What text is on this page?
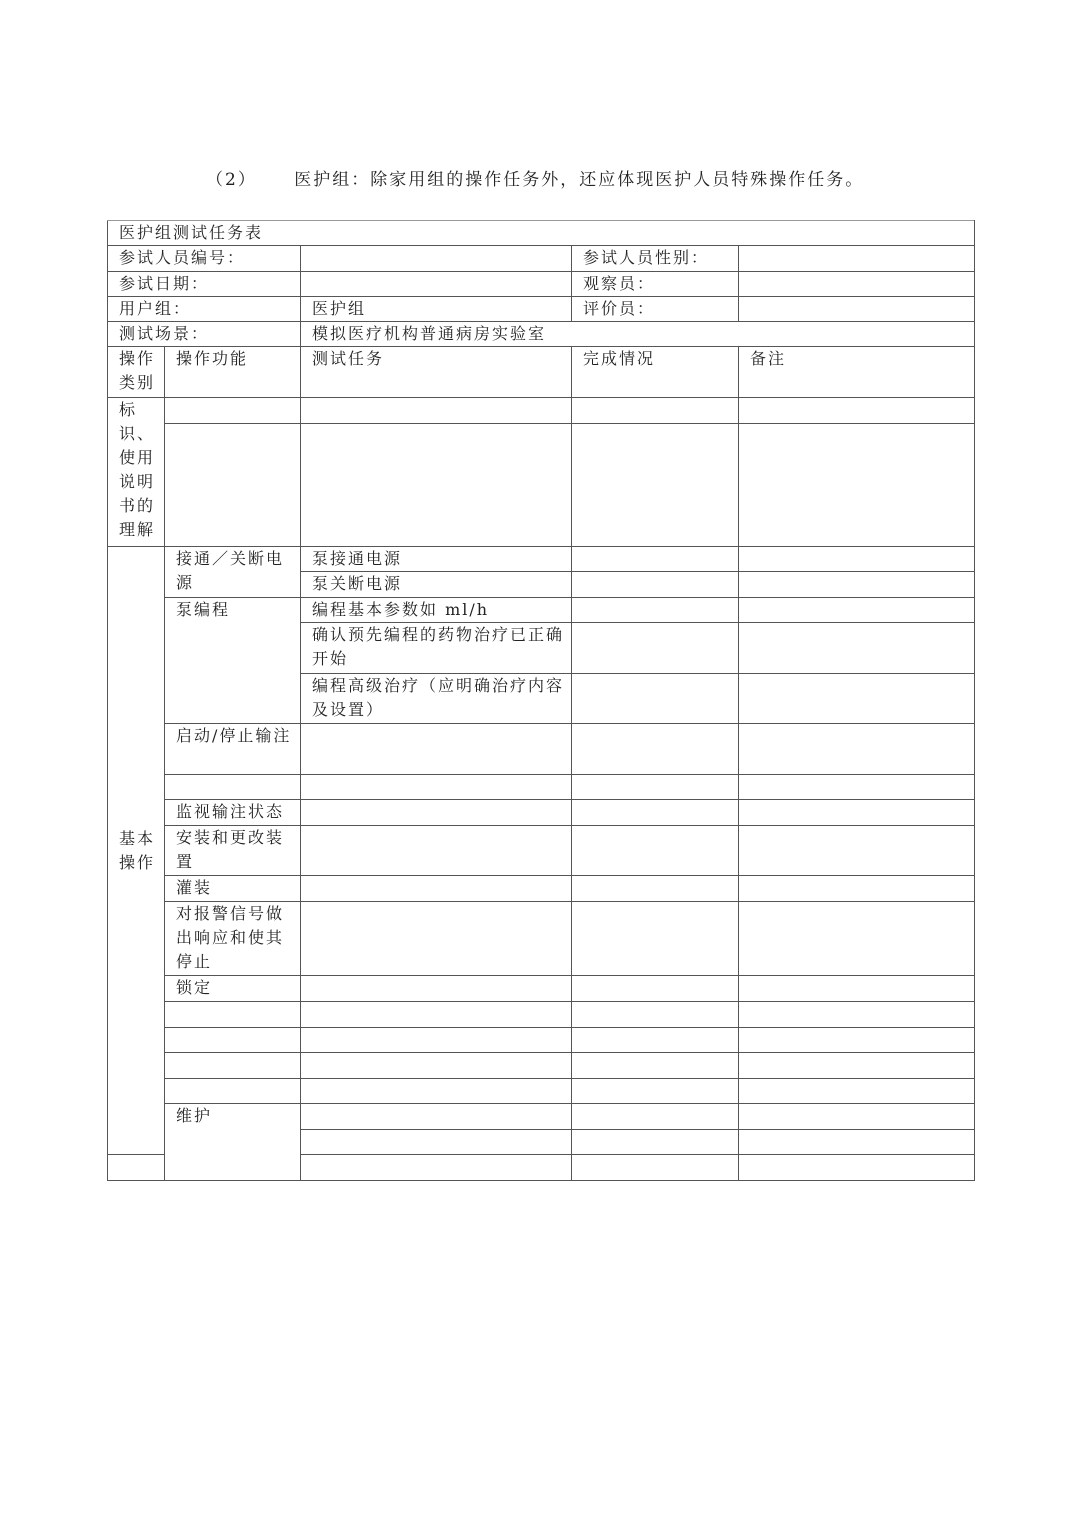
（2） 医护组：除家用组的操作任务外，还应体现医护人员特殊操作任务。
医护组测试任务表					
参试人员编号：			参试人员性别：		
参试日期：			观察员：		
用户组：		医护组	评价员：		
测试场景：		模拟医疗机构普通病房实验室			
操作类别	操作功能	测试任务	完成情况	备注	
标识、使用说明书的理解					

基本操作	接通／关断电源	泵接通电源			
		泵关断电源			
	泵编程	编程基本参数如 ml/h			
		确认预先编程的药物治疗已正确开始			
		编程高级治疗（应明确治疗内容及设置）			
	启动/停止输注				

	监视输注状态				
	安装和更改装置				
	灌装				
	对报警信号做出响应和使其停止				
	锁定				

	维护				
